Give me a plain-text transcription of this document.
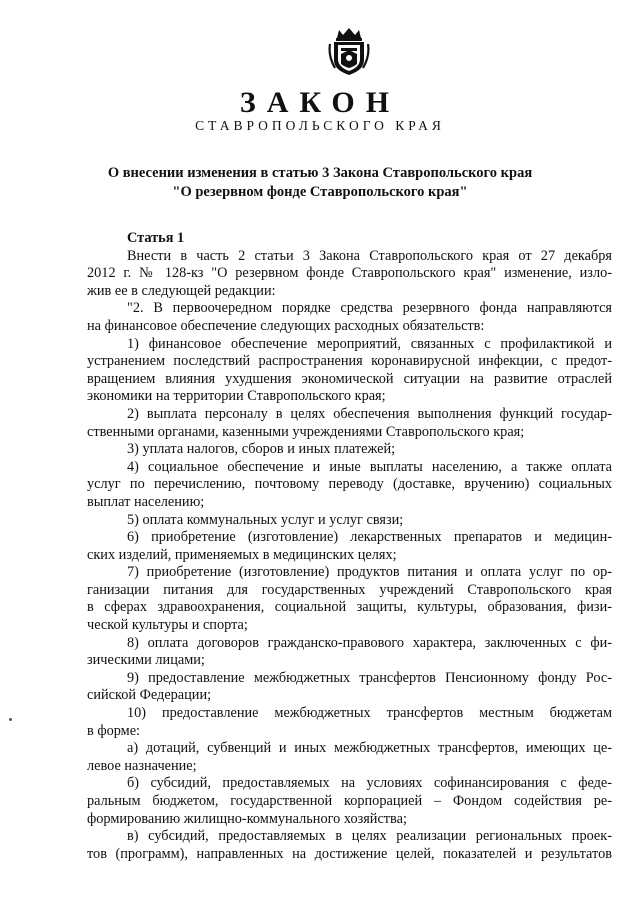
ЗАКОН
СТАВРОПОЛЬСКОГО КРАЯ
О внесении изменения в статью 3 Закона Ставропольского края
"О резервном фонде Ставропольского края"
Статья 1
Внести в часть 2 статьи 3 Закона Ставропольского края от 27 декабря
2012 г. № 128-кз "О резервном фонде Ставропольского края" изменение, изло-
жив ее в следующей редакции:
"2. В первоочередном порядке средства резервного фонда направляются
на финансовое обеспечение следующих расходных обязательств:
1) финансовое обеспечение мероприятий, связанных с профилактикой и
устранением последствий распространения коронавирусной инфекции, с предот-
вращением влияния ухудшения экономической ситуации на развитие отраслей
экономики на территории Ставропольского края;
2) выплата персоналу в целях обеспечения выполнения функций государ-
ственными органами, казенными учреждениями Ставропольского края;
3) уплата налогов, сборов и иных платежей;
4) социальное обеспечение и иные выплаты населению, а также оплата
услуг по перечислению, почтовому переводу (доставке, вручению) социальных
выплат населению;
5) оплата коммунальных услуг и услуг связи;
6) приобретение (изготовление) лекарственных препаратов и медицин-
ских изделий, применяемых в медицинских целях;
7) приобретение (изготовление) продуктов питания и оплата услуг по ор-
ганизации питания для государственных учреждений Ставропольского края
в сферах здравоохранения, социальной защиты, культуры, образования, физи-
ческой культуры и спорта;
8) оплата договоров гражданско-правового характера, заключенных с фи-
зическими лицами;
9) предоставление межбюджетных трансфертов Пенсионному фонду Рос-
сийской Федерации;
10) предоставление межбюджетных трансфертов местным бюджетам
в форме:
а) дотаций, субвенций и иных межбюджетных трансфертов, имеющих це-
левое назначение;
б) субсидий, предоставляемых на условиях софинансирования с феде-
ральным бюджетом, государственной корпорацией – Фондом содействия ре-
формированию жилищно-коммунального хозяйства;
в) субсидий, предоставляемых в целях реализации региональных проек-
тов (программ), направленных на достижение целей, показателей и результатов
